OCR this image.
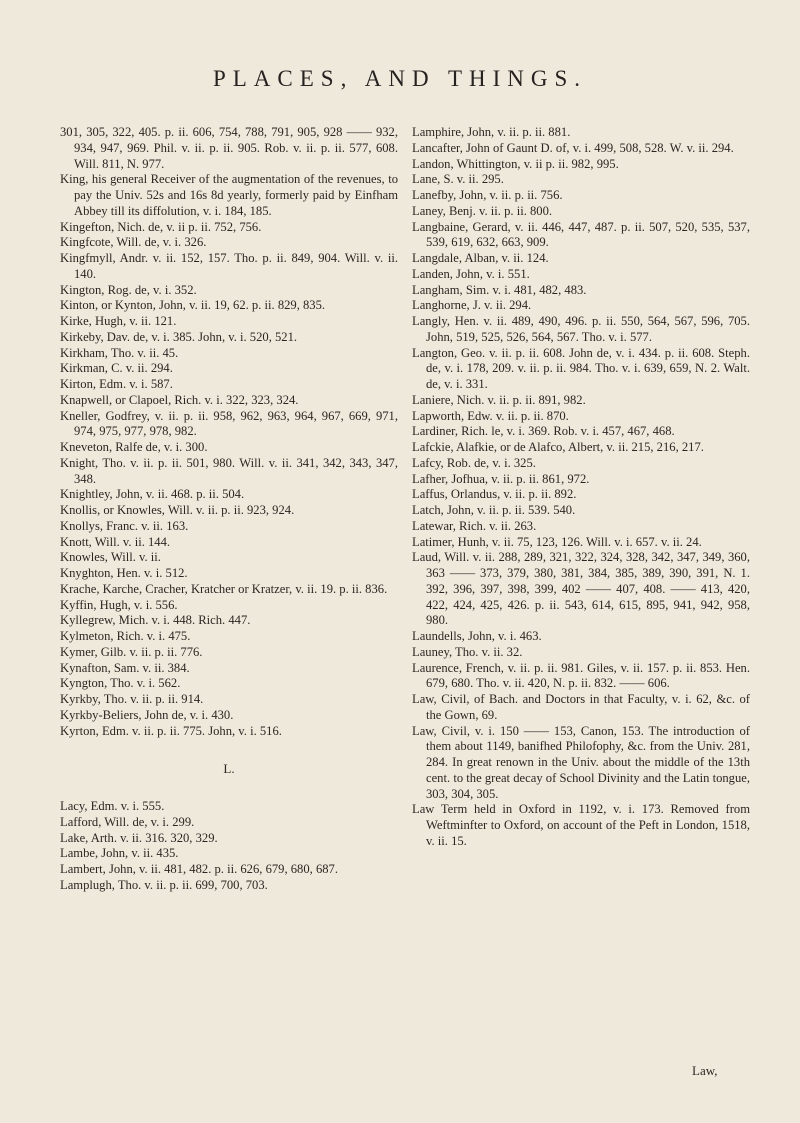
PLACES, AND THINGS.
301, 305, 322, 405. p. ii. 606, 754, 788, 791, 905, 928 —— 932, 934, 947, 969. Phil. v. ii. p. ii. 905. Rob. v. ii. p. ii. 577, 608. Will. 811, N. 977.
King, his general Receiver of the augmentation of the revenues, to pay the Univ. 52s and 16s 8d yearly, formerly paid by Einfham Abbey till its diffolution, v. i. 184, 185.
Kingefton, Nich. de, v. ii p. ii. 752, 756.
Kingfcote, Will. de, v. i. 326.
Kingfmyll, Andr. v. ii. 152, 157. Tho. p. ii. 849, 904. Will. v. ii. 140.
Kington, Rog. de, v. i. 352.
Kinton, or Kynton, John, v. ii. 19, 62. p. ii. 829, 835.
Kirke, Hugh, v. ii. 121.
Kirkeby, Dav. de, v. i. 385. John, v. i. 520, 521.
Kirkham, Tho. v. ii. 45.
Kirkman, C. v. ii. 294.
Kirton, Edm. v. i. 587.
Knapwell, or Clapoel, Rich. v. i. 322, 323, 324.
Kneller, Godfrey, v. ii. p. ii. 958, 962, 963, 964, 967, 669, 971, 974, 975, 977, 978, 982.
Kneveton, Ralfe de, v. i. 300.
Knight, Tho. v. ii. p. ii. 501, 980. Will. v. ii. 341, 342, 343, 347, 348.
Knightley, John, v. ii. 468. p. ii. 504.
Knollis, or Knowles, Will. v. ii. p. ii. 923, 924.
Knollys, Franc. v. ii. 163.
Knott, Will. v. ii. 144.
Knowles, Will. v. ii.
Knyghton, Hen. v. i. 512.
Krache, Karche, Cracher, Kratcher or Kratzer, v. ii. 19. p. ii. 836.
Kyffin, Hugh, v. i. 556.
Kyllegrew, Mich. v. i. 448. Rich. 447.
Kylmeton, Rich. v. i. 475.
Kymer, Gilb. v. ii. p. ii. 776.
Kynafton, Sam. v. ii. 384.
Kyngton, Tho. v. i. 562.
Kyrkby, Tho. v. ii. p. ii. 914.
Kyrkby-Beliers, John de, v. i. 430.
Kyrton, Edm. v. ii. p. ii. 775. John, v. i. 516.
L.
Lacy, Edm. v. i. 555.
Lafford, Will. de, v. i. 299.
Lake, Arth. v. ii. 316. 320, 329.
Lambe, John, v. ii. 435.
Lambert, John, v. ii. 481, 482. p. ii. 626, 679, 680, 687.
Lamplugh, Tho. v. ii. p. ii. 699, 700, 703.
Lamphire, John, v. ii. p. ii. 881.
Lancafter, John of Gaunt D. of, v. i. 499, 508, 528. W. v. ii. 294.
Landon, Whittington, v. ii p. ii. 982, 995.
Lane, S. v. ii. 295.
Lanefby, John, v. ii. p. ii. 756.
Laney, Benj. v. ii. p. ii. 800.
Langbaine, Gerard, v. ii. 446, 447, 487. p. ii. 507, 520, 535, 537, 539, 619, 632, 663, 909.
Langdale, Alban, v. ii. 124.
Landen, John, v. i. 551.
Langham, Sim. v. i. 481, 482, 483.
Langhorne, J. v. ii. 294.
Langly, Hen. v. ii. 489, 490, 496. p. ii. 550, 564, 567, 596, 705. John, 519, 525, 526, 564, 567. Tho. v. i. 577.
Langton, Geo. v. ii. p. ii. 608. John de, v. i. 434. p. ii. 608. Steph. de, v. i. 178, 209. v. ii. p. ii. 984. Tho. v. i. 639, 659, N. 2. Walt. de, v. i. 331.
Laniere, Nich. v. ii. p. ii. 891, 982.
Lapworth, Edw. v. ii. p. ii. 870.
Lardiner, Rich. le, v. i. 369. Rob. v. i. 457, 467, 468.
Lafckie, Alafkie, or de Alafco, Albert, v. ii. 215, 216, 217.
Lafcy, Rob. de, v. i. 325.
Lafher, Jofhua, v. ii. p. ii. 861, 972.
Laffus, Orlandus, v. ii. p. ii. 892.
Latch, John, v. ii. p. ii. 539. 540.
Latewar, Rich. v. ii. 263.
Latimer, Hunh, v. ii. 75, 123, 126. Will. v. i. 657. v. ii. 24.
Laud, Will. v. ii. 288, 289, 321, 322, 324, 328, 342, 347, 349, 360, 363 —— 373, 379, 380, 381, 384, 385, 389, 390, 391, N. 1. 392, 396, 397, 398, 399, 402 —— 407, 408. —— 413, 420, 422, 424, 425, 426. p. ii. 543, 614, 615, 895, 941, 942, 958, 980.
Laundells, John, v. i. 463.
Launey, Tho. v. ii. 32.
Laurence, French, v. ii. p. ii. 981. Giles, v. ii. 157. p. ii. 853. Hen. 679, 680. Tho. v. ii. 420, N. p. ii. 832. —— 606.
Law, Civil, of Bach. and Doctors in that Faculty, v. i. 62, &c. of the Gown, 69.
Law, Civil, v. i. 150 —— 153, Canon, 153. The introduction of them about 1149, banifhed Philofophy, &c. from the Univ. 281, 284. In great renown in the Univ. about the middle of the 13th cent. to the great decay of School Divinity and the Latin tongue, 303, 304, 305.
Law Term held in Oxford in 1192, v. i. 173. Removed from Weftminfter to Oxford, on account of the Peft in London, 1518, v. ii. 15.
Law,
